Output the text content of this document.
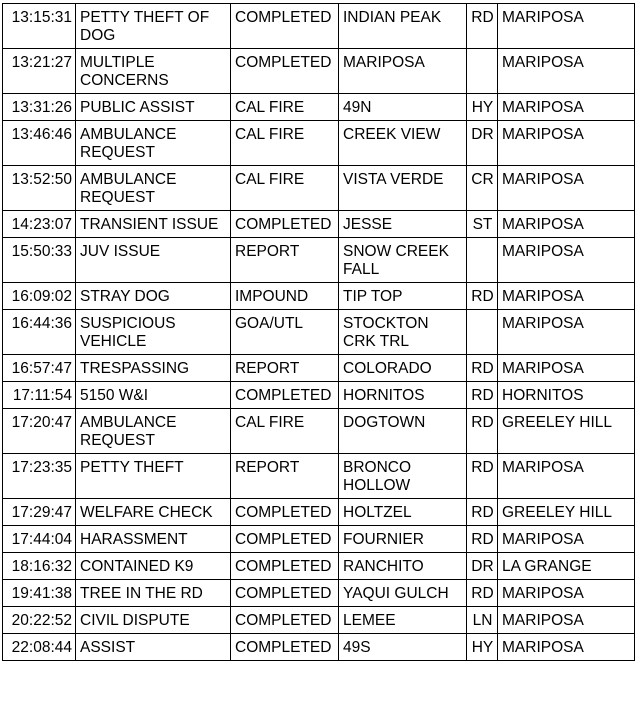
13:15:31	PETTY THEFT OF DOG	COMPLETED	INDIAN PEAK	RD	MARIPOSA
13:21:27	MULTIPLE CONCERNS	COMPLETED	MARIPOSA		MARIPOSA
13:31:26	PUBLIC ASSIST	CAL FIRE	49N	HY	MARIPOSA
13:46:46	AMBULANCE REQUEST	CAL FIRE	CREEK VIEW	DR	MARIPOSA
13:52:50	AMBULANCE REQUEST	CAL FIRE	VISTA VERDE	CR	MARIPOSA
14:23:07	TRANSIENT ISSUE	COMPLETED	JESSE	ST	MARIPOSA
15:50:33	JUV ISSUE	REPORT	SNOW CREEK FALL		MARIPOSA
16:09:02	STRAY DOG	IMPOUND	TIP TOP	RD	MARIPOSA
16:44:36	SUSPICIOUS VEHICLE	GOA/UTL	STOCKTON CRK TRL		MARIPOSA
16:57:47	TRESPASSING	REPORT	COLORADO	RD	MARIPOSA
17:11:54	5150 W&I	COMPLETED	HORNITOS	RD	HORNITOS
17:20:47	AMBULANCE REQUEST	CAL FIRE	DOGTOWN	RD	GREELEY HILL
17:23:35	PETTY THEFT	REPORT	BRONCO HOLLOW	RD	MARIPOSA
17:29:47	WELFARE CHECK	COMPLETED	HOLTZEL	RD	GREELEY HILL
17:44:04	HARASSMENT	COMPLETED	FOURNIER	RD	MARIPOSA
18:16:32	CONTAINED K9	COMPLETED	RANCHITO	DR	LA GRANGE
19:41:38	TREE IN THE RD	COMPLETED	YAQUI GULCH	RD	MARIPOSA
20:22:52	CIVIL DISPUTE	COMPLETED	LEMEE	LN	MARIPOSA
22:08:44	ASSIST	COMPLETED	49S	HY	MARIPOSA
